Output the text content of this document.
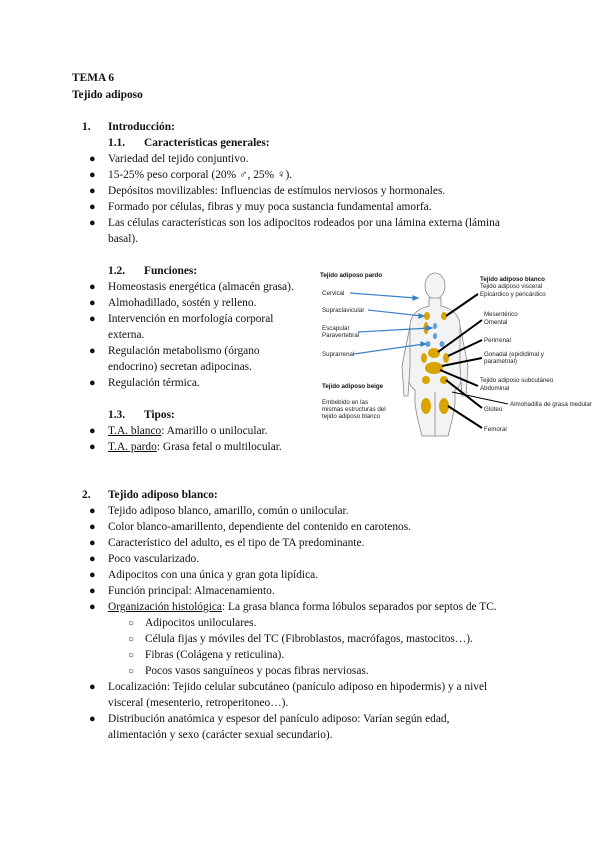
TEMA 6
Tejido adiposo
1. Introducción:
1.1. Características generales:
● Variedad del tejido conjuntivo.
● 15-25% peso corporal (20% ♂, 25% ♀).
● Depósitos movilizables: Influencias de estímulos nerviosos y hormonales.
● Formado por células, fibras y muy poca sustancia fundamental amorfa.
● Las células características son los adipocitos rodeados por una lámina externa (lámina
basal).
1.2. Funciones:
● Homeostasis energética (almacén grasa).
● Almohadillado, sostén y relleno.
● Intervención en morfología corporal
externa.
● Regulación metabolismo (órgano
endocrino) secretan adipocinas.
● Regulación térmica.
1.3. Tipos:
● T.A. blanco: Amarillo o unilocular.
● T.A. pardo: Grasa fetal o multilocular.
Tejido adiposo pardo
Cervical
Supraclavicular
Escapular
Paravertebral
Suprarrenal
Tejido adiposo beige
Embebido en las
mismas estructuras del
tejido adiposo blanco
Tejido adiposo blanco
Tejido adiposo visceral
Epicárdico y pericárdico
Mesentérico
Omental
Perirrenal
Gonadal (epididimal y
parametrial)
Tejido adiposo subcutáneo
Abdominal
Glúteo
Femoral
Almohadilla de grasa medular
2. Tejido adiposo blanco:
● Tejido adiposo blanco, amarillo, común o unilocular.
● Color blanco-amarillento, dependiente del contenido en carotenos.
● Característico del adulto, es el tipo de TA predominante.
● Poco vascularizado.
● Adipocitos con una única y gran gota lipídica.
● Función principal: Almacenamiento.
● Organización histológica: La grasa blanca forma lóbulos separados por septos de TC.
○ Adipocitos uniloculares.
○ Célula fijas y móviles del TC (Fibroblastos, macrófagos, mastocitos…).
○ Fibras (Colágena y reticulina).
○ Pocos vasos sanguíneos y pocas fibras nerviosas.
● Localización: Tejido celular subcutáneo (panículo adiposo en hipodermis) y a nivel
visceral (mesenterio, retroperitoneo…).
● Distribución anatómica y espesor del panículo adiposo: Varían según edad,
alimentación y sexo (carácter sexual secundario).
